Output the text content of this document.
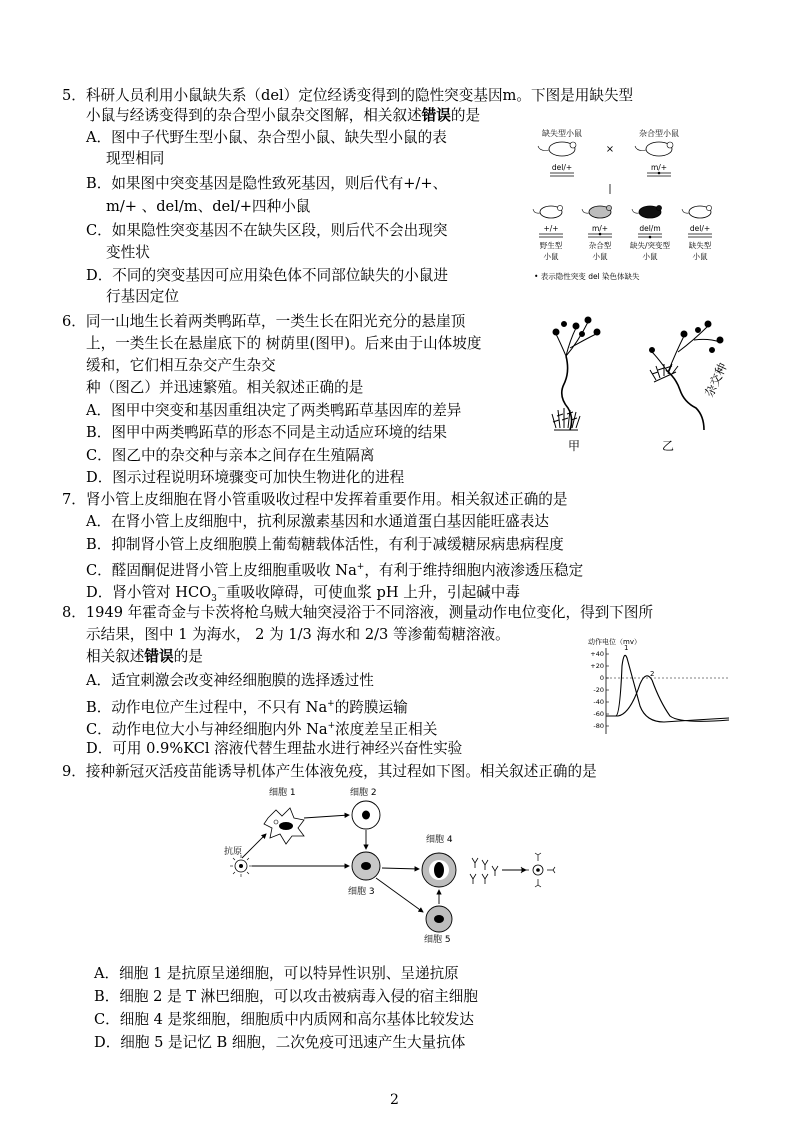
5．科研人员利用小鼠缺失系（del）定位经诱变得到的隐性突变基因m。下图是用缺失型
小鼠与经诱变得到的杂合型小鼠杂交图解，相关叙述错误的是
A．图中子代野生型小鼠、杂合型小鼠、缺失型小鼠的表
现型相同
B．如果图中突变基因是隐性致死基因，则后代有+/+、
m/+ 、del/m、del/+四种小鼠
C．如果隐性突变基因不在缺失区段，则后代不会出现突
变性状
D．不同的突变基因可应用染色体不同部位缺失的小鼠进
行基因定位
缺失型小鼠	杂合型小鼠
×
del/+	m/+
+/+	m/+	del/m	del/+
野生型
小鼠
杂合型
小鼠
缺失/突变型
小鼠
缺失型
小鼠
• 表示隐性突变 del 染色体缺失
6．同一山地生长着两类鸭跖草，一类生长在阳光充分的悬崖顶
上，一类生长在悬崖底下的 树荫里(图甲)。后来由于山体坡度
缓和，它们相互杂交产生杂交
种（图乙）并迅速繁殖。相关叙述正确的是
A．图甲中突变和基因重组决定了两类鸭跖草基因库的差异
B．图甲中两类鸭跖草的形态不同是主动适应环境的结果
C．图乙中的杂交种与亲本之间存在生殖隔离
D．图示过程说明环境骤变可加快生物进化的进程
杂交种
甲	乙
7．肾小管上皮细胞在肾小管重吸收过程中发挥着重要作用。相关叙述正确的是
A．在肾小管上皮细胞中，抗利尿激素基因和水通道蛋白基因能旺盛表达
B．抑制肾小管上皮细胞膜上葡萄糖载体活性，有利于减缓糖尿病患病程度
C．醛固酮促进肾小管上皮细胞重吸收 Na+，有利于维持细胞内液渗透压稳定
D．肾小管对 $HCO_3^-$重吸收障碍，可使血浆 pH 上升，引起碱中毒
8．1949 年霍奇金与卡茨将枪乌贼大轴突浸浴于不同溶液，测量动作电位变化，得到下图所
示结果，图中 1 为海水， 2 为 1/3 海水和 2/3 等渗葡萄糖溶液。
相关叙述错误的是
A．适宜刺激会改变神经细胞膜的选择透过性
B．动作电位产生过程中，不只有 Na+的跨膜运输
C．动作电位大小与神经细胞内外 Na+浓度差呈正相关
D．可用 0.9%KCl 溶液代替生理盐水进行神经兴奋性实验
动作电位（mv）
+40
+20
0
-20
-40
-60
-80
1
2
9．接种新冠灭活疫苗能诱导机体产生体液免疫，其过程如下图。相关叙述正确的是
细胞 1	细胞 2
抗原
细胞 4
细胞 3
细胞 5
A．细胞 1 是抗原呈递细胞，可以特异性识别、呈递抗原
B．细胞 2 是 T 淋巴细胞，可以攻击被病毒入侵的宿主细胞
C．细胞 4 是浆细胞，细胞质中内质网和高尔基体比较发达
D．细胞 5 是记忆 B 细胞，二次免疫可迅速产生大量抗体
2
